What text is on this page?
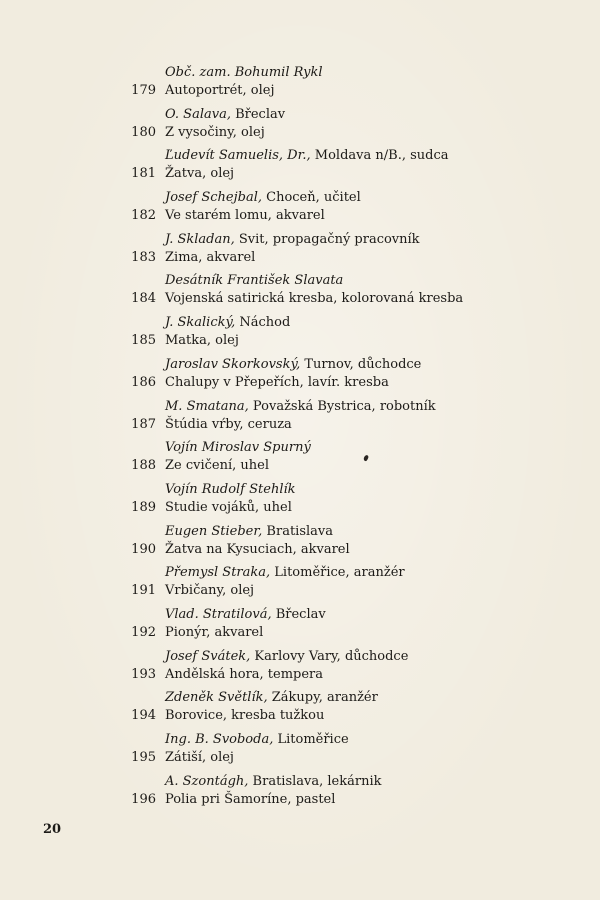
Obč. zam. Bohumil Rykl
179 Autoportrét, olej
O. Salava, Břeclav
180 Z vysočiny, olej
Ľudevít Samuelis, Dr., Moldava n/B., sudca
181 Žatva, olej
Josef Schejbal, Choceň, učitel
182 Ve starém lomu, akvarel
J. Skladan, Svit, propagačný pracovník
183 Zima, akvarel
Desátník František Slavata
184 Vojenská satirická kresba, kolorovaná kresba
J. Skalický, Náchod
185 Matka, olej
Jaroslav Skorkovský, Turnov, důchodce
186 Chalupy v Přepeřích, lavír. kresba
M. Smatana, Považská Bystrica, robotník
187 Štúdia vŕby, ceruza
Vojín Miroslav Spurný
188 Ze cvičení, uhel
Vojín Rudolf Stehlík
189 Studie vojáků, uhel
Eugen Stieber, Bratislava
190 Žatva na Kysuciach, akvarel
Přemysl Straka, Litoměřice, aranžér
191 Vrbičany, olej
Vlad. Stratilová, Břeclav
192 Pionýr, akvarel
Josef Svátek, Karlovy Vary, důchodce
193 Andělská hora, tempera
Zdeněk Světlík, Zákupy, aranžér
194 Borovice, kresba tužkou
Ing. B. Svoboda, Litoměřice
195 Zátiší, olej
A. Szontágh, Bratislava, lekárnik
196 Polia pri Šamoríne, pastel
20
